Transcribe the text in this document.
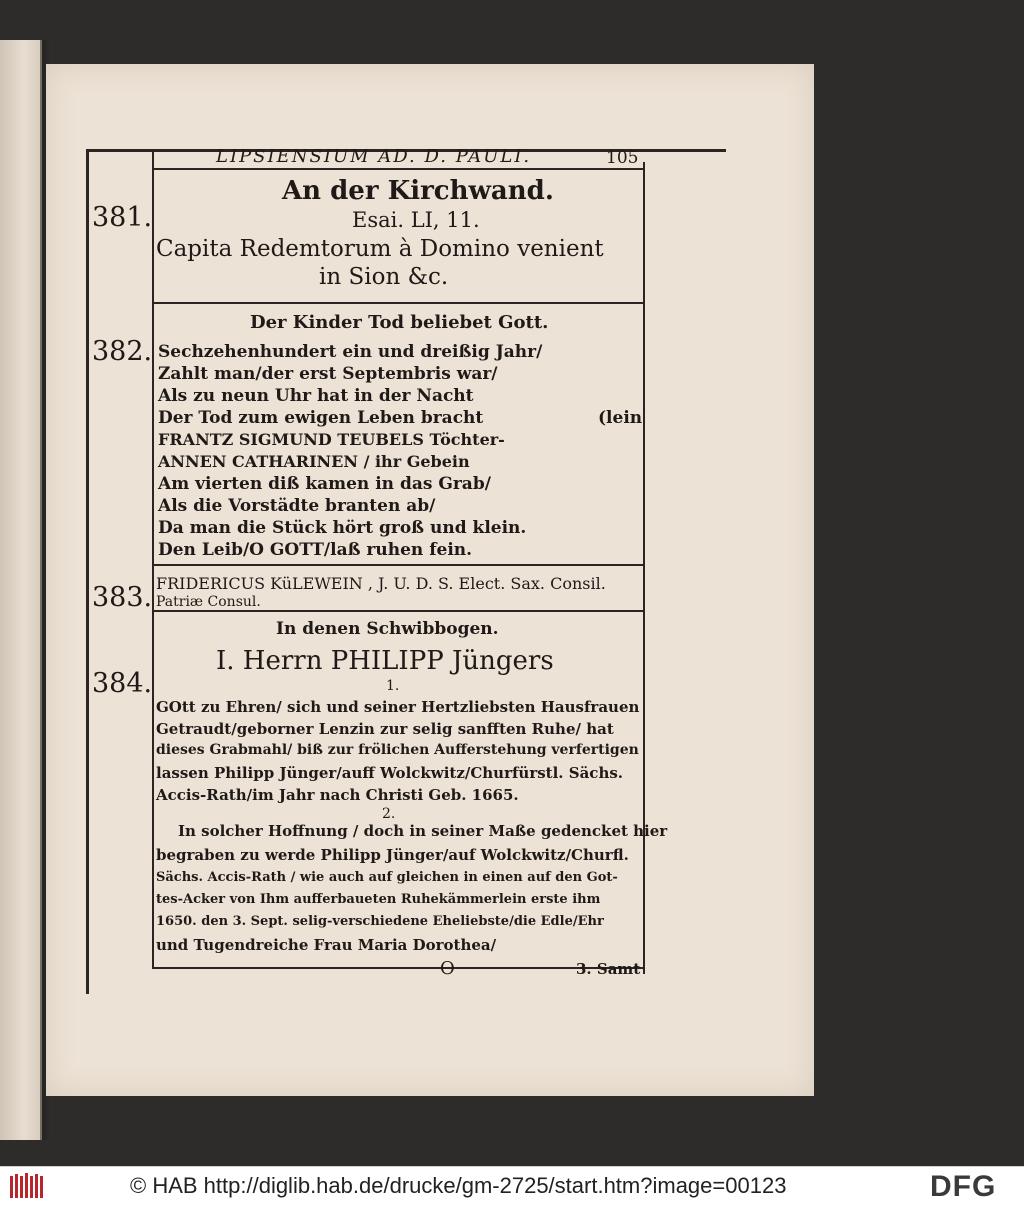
LIPSIENSIUM AD. D. PAULI.	105
381.
An der Kirchwand.
Esai. LI, 11.
Capita Redemtorum à Domino venient
in Sion &c.
382.
Der Kinder Tod beliebet Gott.
Sechzehenhundert ein und dreißig Jahr/
Zahlt man/der erst Septembris war/
Als zu neun Uhr hat in der Nacht
Der Tod zum ewigen Leben bracht	(lein
FRANTZ SIGMUND TEUBELS Töchter-
ANNEN CATHARINEN / ihr Gebein
Am vierten diß kamen in das Grab/
Als die Vorstädte branten ab/
Da man die Stück hört groß und klein.
Den Leib/O GOTT/laß ruhen fein.
383. FRIDERICUS KüLEWEIN , J. U. D. S. Elect. Sax. Consil.
Patriæ Consul.
384.
In denen Schwibbogen.
I. Herrn PHILIPP Jüngers
1.
GOtt zu Ehren/ sich und seiner Hertzliebsten Hausfrauen
Getraudt/geborner Lenzin zur selig sanfften Ruhe/ hat
dieses Grabmahl/ biß zur frölichen Aufferstehung verfertigen
lassen Philipp Jünger/auff Wolckwitz/Churfürstl. Sächs.
Accis-Rath/im Jahr nach Christi Geb. 1665.
2.
In solcher Hoffnung / doch in seiner Maße gedencket hier
begraben zu werde Philipp Jünger/auf Wolckwitz/Churfl.
Sächs. Accis-Rath / wie auch auf gleichen in einen auf den Got-
tes-Acker von Ihm aufferbaueten Ruhekämmerlein erste ihm
1650. den 3. Sept. selig-verschiedene Eheliebste/die Edle/Ehr
und Tugendreiche Frau Maria Dorothea/
O	3. Samt
© HAB http://diglib.hab.de/drucke/gm-2725/start.htm?image=00123	DFG
